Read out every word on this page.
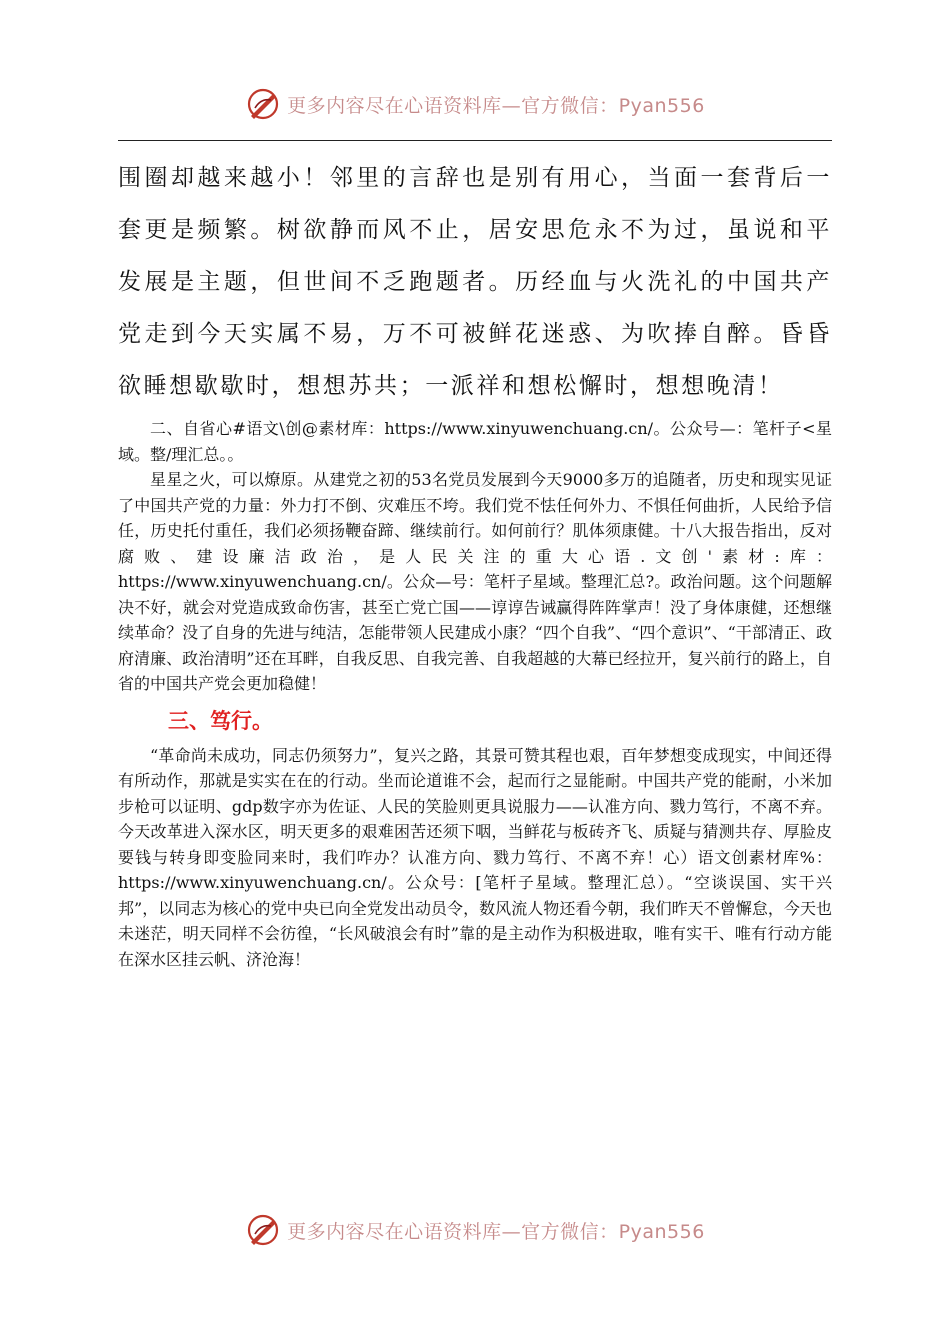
更多内容尽在心语资料库—官方微信：Pyan556

围圈却越来越小！邻里的言辞也是别有用心，当面一套背后一套更是频繁。树欲静而风不止，居安思危永不为过，虽说和平发展是主题，但世间不乏跑题者。历经血与火洗礼的中国共产党走到今天实属不易，万不可被鲜花迷惑、为吹捧自醉。昏昏欲睡想歇歇时，想想苏共；一派祥和想松懈时，想想晚清！

二、自省心#语文\创@素材库：https://www.xinyuwenchuang.cn/。公众号—：笔杆子<星域。整/理汇总。。

星星之火，可以燎原。从建党之初的53名党员发展到今天9000多万的追随者，历史和现实见证了中国共产党的力量：外力打不倒、灾难压不垮。我们党不怯任何外力、不惧任何曲折，人民给予信任，历史托付重任，我们必须扬鞭奋蹄、继续前行。如何前行？肌体须康健。十八大报告指出，反对腐败、建设廉洁政治，是人民关注的重大心语.文创'素材:库：https://www.xinyuwenchuang.cn/。公众—号：笔杆子星域。整理汇总?。政治问题。这个问题解决不好，就会对党造成致命伤害，甚至亡党亡国——谆谆告诫赢得阵阵掌声！没了身体康健，还想继续革命？没了自身的先进与纯洁，怎能带领人民建成小康？“四个自我”、“四个意识”、“干部清正、政府清廉、政治清明”还在耳畔，自我反思、自我完善、自我超越的大幕已经拉开，复兴前行的路上，自省的中国共产党会更加稳健！

三、笃行。

“革命尚未成功，同志仍须努力”，复兴之路，其景可赞其程也艰，百年梦想变成现实，中间还得有所动作，那就是实实在在的行动。坐而论道谁不会，起而行之显能耐。中国共产党的能耐，小米加步枪可以证明、gdp数字亦为佐证、人民的笑脸则更具说服力——认准方向、戮力笃行，不离不弃。今天改革进入深水区，明天更多的艰难困苦还须下咽，当鲜花与板砖齐飞、质疑与猜测共存、厚脸皮要钱与转身即变脸同来时，我们咋办？认准方向、戮力笃行、不离不弃！心）语文创素材库%：https://www.xinyuwenchuang.cn/。公众号：[笔杆子星域。整理汇总）。“空谈误国、实干兴邦”，以同志为核心的党中央已向全党发出动员令，数风流人物还看今朝，我们昨天不曾懈怠，今天也未迷茫，明天同样不会彷徨，“长风破浪会有时”靠的是主动作为积极进取，唯有实干、唯有行动方能在深水区挂云帆、济沧海！

更多内容尽在心语资料库—官方微信：Pyan556
